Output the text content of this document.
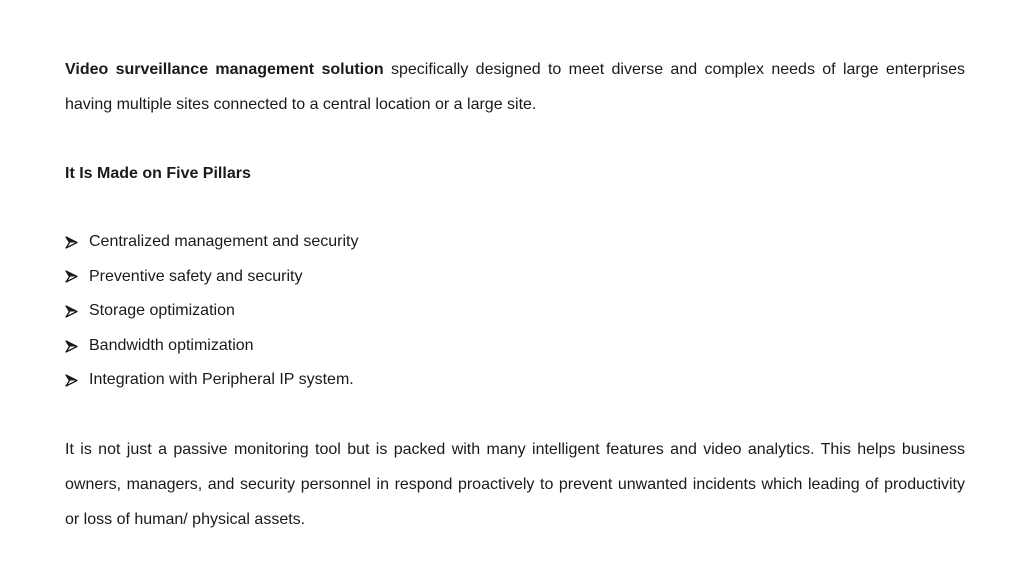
Video surveillance management solution specifically designed to meet diverse and complex needs of large enterprises having multiple sites connected to a central location or a large site.

It Is Made on Five Pillars
Centralized management and security
Preventive safety and security
Storage optimization
Bandwidth optimization
Integration with Peripheral IP system.

It is not just a passive monitoring tool but is packed with many intelligent features and video analytics. This helps business owners, managers, and security personnel in respond proactively to prevent unwanted incidents which leading of productivity or loss of human/ physical assets.
